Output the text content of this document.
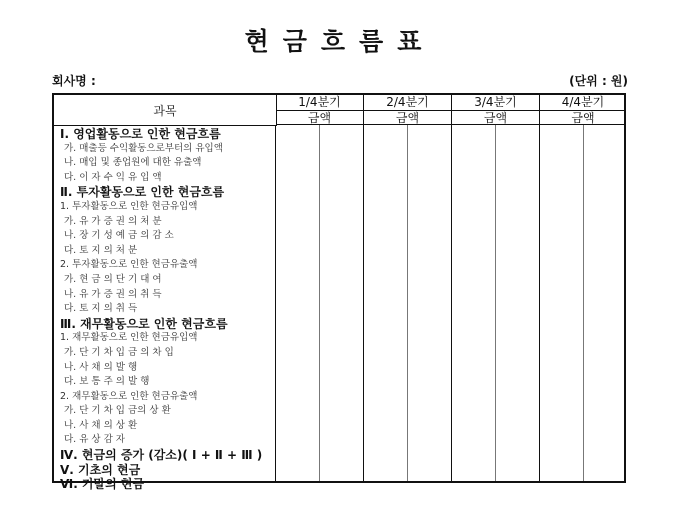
현금흐름표
회사명 :	(단위 : 원)
과목
Ⅰ. 영업활동으로 인한 현금흐름
가. 매출등 수익활동으로부터의 유입액
나. 매입 및 종업원에 대한 유출액
다. 이 자 수 익 유 입 액
Ⅱ. 투자활동으로 인한 현금흐름
1. 투자활동으로 인한 현금유입액
가. 유 가 증 권 의 처 분
나. 장 기 성 예 금 의 감 소
다. 토 지 의 처 분
2. 투자활동으로 인한 현금유출액
가. 현 금 의 단 기 대 여
나. 유 가 증 권 의 취 득
다. 토 지 의 취 득
Ⅲ. 재무활동으로 인한 현금흐름
1. 재무활동으로 인한 현금유입액
가. 단 기 차 입 금 의 차 입
나. 사 채 의 발 행
다. 보 통 주 의 발 행
2. 재무활동으로 인한 현금유출액
가. 단 기 차 입 금의 상 환
나. 사 채 의 상 환
다. 유 상 감 자
Ⅳ. 현금의 증가 (감소)( Ⅰ + Ⅱ + Ⅲ )
Ⅴ. 기초의 현금
Ⅵ. 기말의 현금
1/4분기
금액
2/4분기
금액
3/4분기
금액
4/4분기
금액
